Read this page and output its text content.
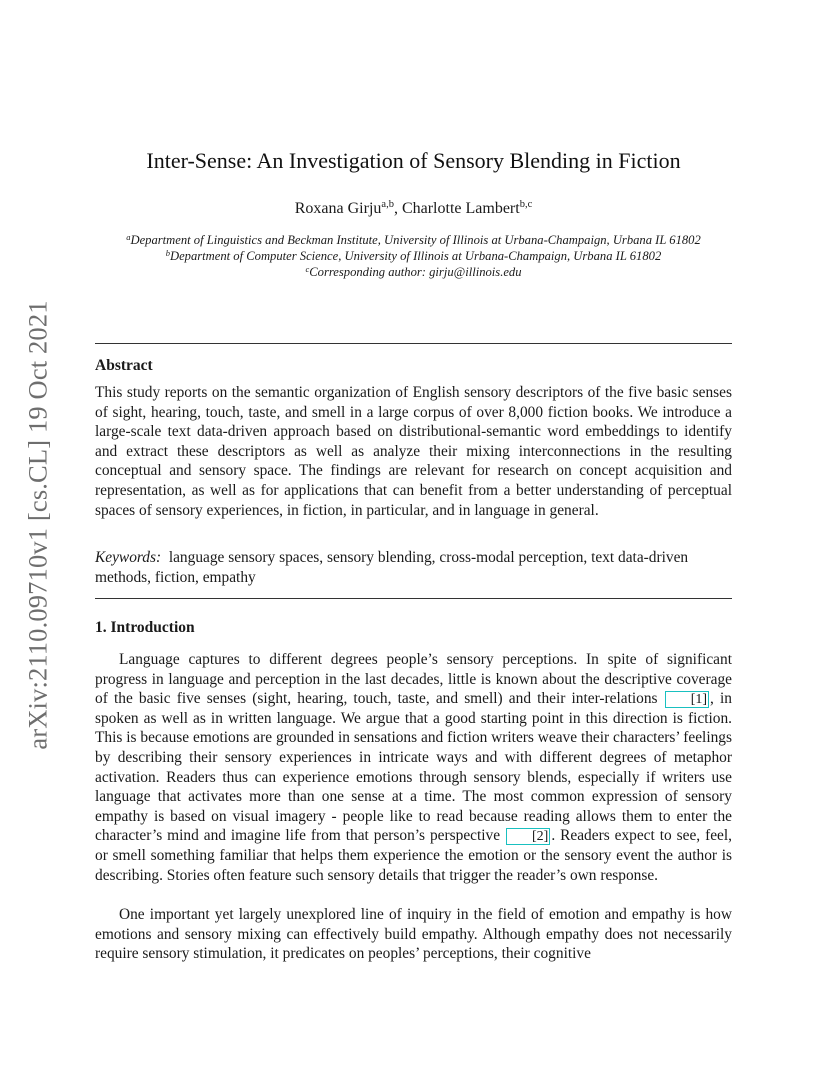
arXiv:2110.09710v1 [cs.CL] 19 Oct 2021
Inter-Sense: An Investigation of Sensory Blending in Fiction
Roxana Girju$^{a,b}$, Charlotte Lambert$^{b,c}$
$^a$Department of Linguistics and Beckman Institute, University of Illinois at Urbana-Champaign, Urbana IL 61802
$^b$Department of Computer Science, University of Illinois at Urbana-Champaign, Urbana IL 61802
$^c$Corresponding author: girju@illinois.edu
Abstract
This study reports on the semantic organization of English sensory descriptors of the five basic senses of sight, hearing, touch, taste, and smell in a large corpus of over 8,000 fiction books. We introduce a large-scale text data-driven approach based on distributional-semantic word embeddings to identify and extract these descriptors as well as analyze their mixing interconnections in the resulting conceptual and sensory space. The findings are relevant for research on concept acquisition and representation, as well as for applications that can benefit from a better understanding of perceptual spaces of sensory experiences, in fiction, in particular, and in language in general.
Keywords: language sensory spaces, sensory blending, cross-modal perception, text data-driven methods, fiction, empathy
1. Introduction
Language captures to different degrees people’s sensory perceptions. In spite of significant progress in language and perception in the last decades, little is known about the descriptive coverage of the basic five senses (sight, hearing, touch, taste, and smell) and their inter-relations [1] , in spoken as well as in written language. We argue that a good starting point in this direction is fiction. This is because emotions are grounded in sensations and fiction writers weave their characters’ feelings by describing their sensory experiences in intricate ways and with different degrees of metaphor activation. Readers thus can experience emotions through sensory blends, especially if writers use language that activates more than one sense at a time. The most common expression of sensory empathy is based on visual imagery - people like to read because reading allows them to enter the character’s mind and imagine life from that person’s perspective [2] . Readers expect to see, feel, or smell something familiar that helps them experience the emotion or the sensory event the author is describing. Stories often feature such sensory details that trigger the reader’s own response.
One important yet largely unexplored line of inquiry in the field of emotion and empathy is how emotions and sensory mixing can effectively build empathy. Although empathy does not necessarily require sensory stimulation, it predicates on peoples’ perceptions, their cognitive
